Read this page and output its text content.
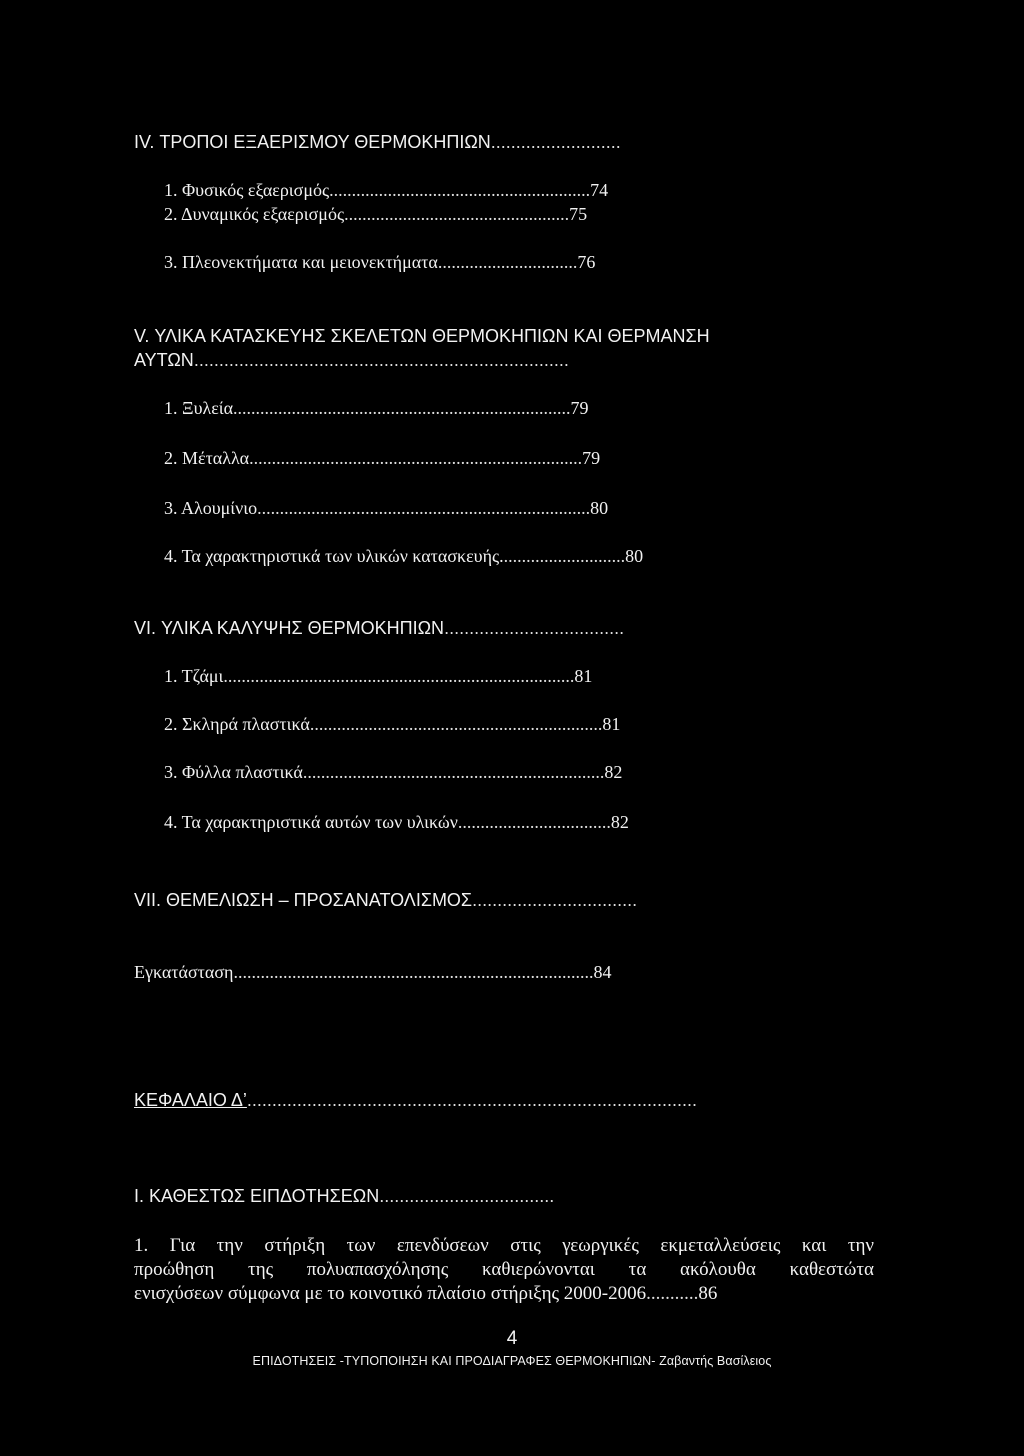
IV. ΤΡΟΠΟΙ ΕΞΑΕΡΙΣΜΟΥ ΘΕΡΜΟΚΗΠΙΩΝ..........................
1. Φυσικός εξαερισμός..........................................................74
2. Δυναμικός εξαερισμός..................................................75
3. Πλεονεκτήματα και μειονεκτήματα...............................76
V. ΥΛΙΚΑ ΚΑΤΑΣΚΕΥΗΣ ΣΚΕΛΕΤΩΝ ΘΕΡΜΟΚΗΠΙΩΝ ΚΑΙ ΘΕΡΜΑΝΣΗ
ΑΥΤΩΝ...........................................................................
1. Ξυλεία...........................................................................79
2. Μέταλλα..........................................................................79
3. Αλουμίνιο..........................................................................80
4. Τα χαρακτηριστικά των υλικών κατασκευής............................80
VI. ΥΛΙΚΑ ΚΑΛΥΨΗΣ ΘΕΡΜΟΚΗΠΙΩΝ....................................
1. Τζάμι..............................................................................81
2. Σκληρά πλαστικά.................................................................81
3. Φύλλα πλαστικά...................................................................82
4. Τα χαρακτηριστικά αυτών των υλικών..................................82
VII. ΘΕΜΕΛΙΩΣΗ – ΠΡΟΣΑΝΑΤΟΛΙΣΜΟΣ.................................
Εγκατάσταση................................................................................84
ΚΕΦΑΛΑΙΟ Δ’..........................................................................................
Ι. ΚΑΘΕΣΤΩΣ ΕΙΠΔΟΤΗΣΕΩΝ...................................
1. Για την στήριξη των επενδύσεων στις γεωργικές εκμεταλλεύσεις και την
προώθηση της πολυαπασχόλησης καθιερώνονται τα ακόλουθα καθεστώτα
ενισχύσεων σύμφωνα με το κοινοτικό πλαίσιο στήριξης 2000-2006...........86
4
ΕΠΙΔΟΤΗΣΕΙΣ -ΤΥΠΟΠΟΙΗΣΗ ΚΑΙ ΠΡΟΔΙΑΓΡΑΦΕΣ ΘΕΡΜΟΚΗΠΙΩΝ- Ζαβαντής Βασίλειος
